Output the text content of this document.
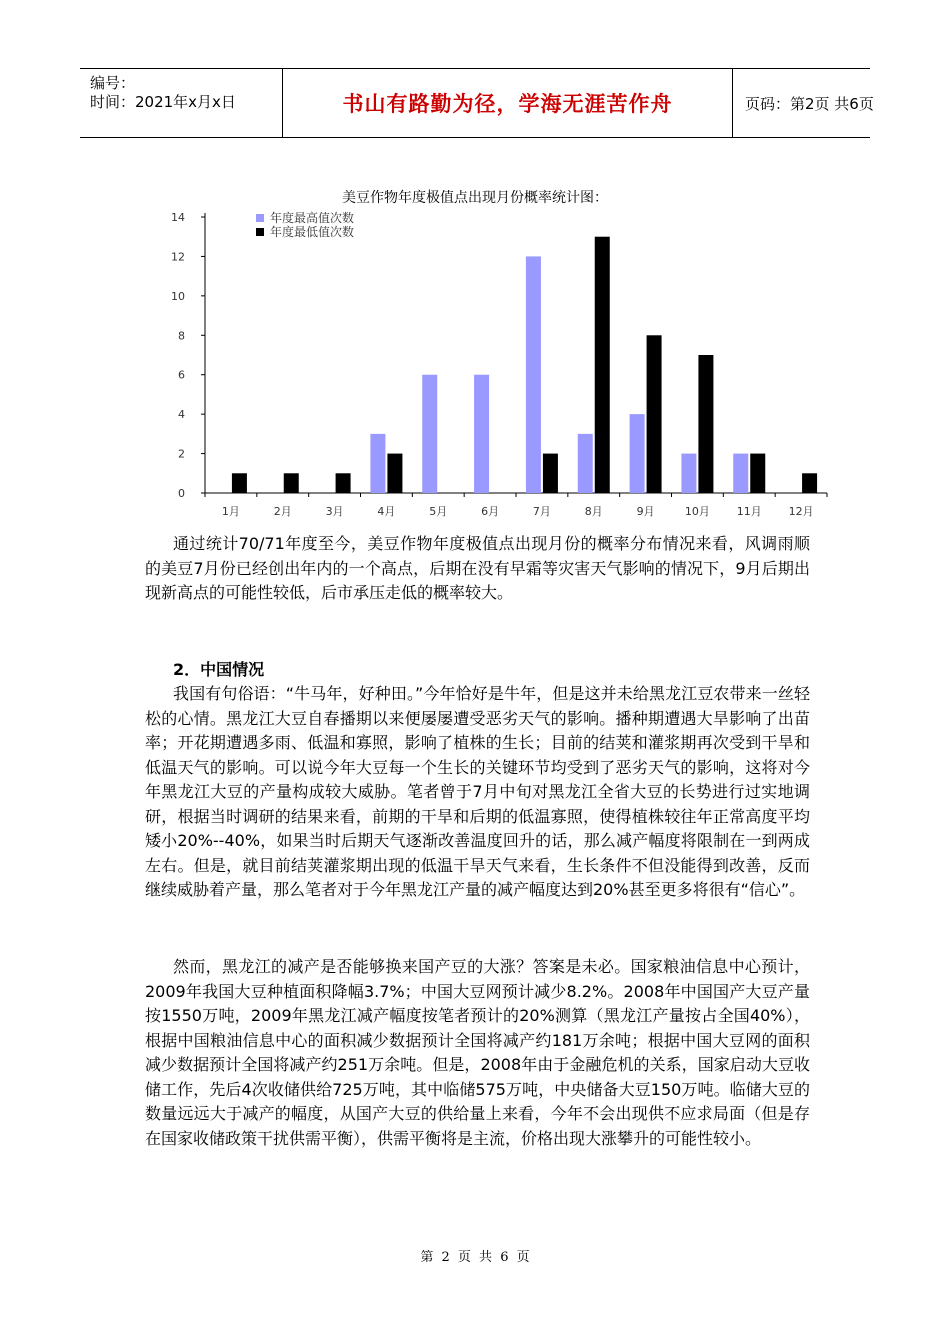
编号：
时间：2021年x月x日	书山有路勤为径，学海无涯苦作舟	页码：第2页 共6页
美豆作物年度极值点出现月份概率统计图：
0
2
4
6
8
10
12
14
1月	2月	3月	4月	5月	6月	7月	8月	9月	10月 11月 12月
年度最高值次数
年度最低值次数

通过统计70/71年度至今，美豆作物年度极值点出现月份的概率分布情况来看，风调雨顺的美豆7月份已经创出年内的一个高点，后期在没有早霜等灾害天气影响的情况下，9月后期出现新高点的可能性较低，后市承压走低的概率较大。

2．中国情况

我国有句俗语：“牛马年，好种田。”今年恰好是牛年，但是这并未给黑龙江豆农带来一丝轻松的心情。黑龙江大豆自春播期以来便屡屡遭受恶劣天气的影响。播种期遭遇大旱影响了出苗率；开花期遭遇多雨、低温和寡照，影响了植株的生长；目前的结荚和灌浆期再次受到干旱和低温天气的影响。可以说今年大豆每一个生长的关键环节均受到了恶劣天气的影响，这将对今年黑龙江大豆的产量构成较大威胁。笔者曾于7月中旬对黑龙江全省大豆的长势进行过实地调研，根据当时调研的结果来看，前期的干旱和后期的低温寡照，使得植株较往年正常高度平均矮小20%--40%，如果当时后期天气逐渐改善温度回升的话，那么减产幅度将限制在一到两成左右。但是，就目前结荚灌浆期出现的低温干旱天气来看，生长条件不但没能得到改善，反而继续威胁着产量，那么笔者对于今年黑龙江产量的减产幅度达到20%甚至更多将很有“信心”。

然而，黑龙江的减产是否能够换来国产豆的大涨？答案是未必。国家粮油信息中心预计，2009年我国大豆种植面积降幅3.7%；中国大豆网预计减少8.2%。2008年中国国产大豆产量按1550万吨，2009年黑龙江减产幅度按笔者预计的20%测算（黑龙江产量按占全国40%），根据中国粮油信息中心的面积减少数据预计全国将减产约181万余吨；根据中国大豆网的面积减少数据预计全国将减产约251万余吨。但是，2008年由于金融危机的关系，国家启动大豆收储工作，先后4次收储供给725万吨，其中临储575万吨，中央储备大豆150万吨。临储大豆的数量远远大于减产的幅度，从国产大豆的供给量上来看，今年不会出现供不应求局面（但是存在国家收储政策干扰供需平衡），供需平衡将是主流，价格出现大涨攀升的可能性较小。

第 2 页 共 6 页
